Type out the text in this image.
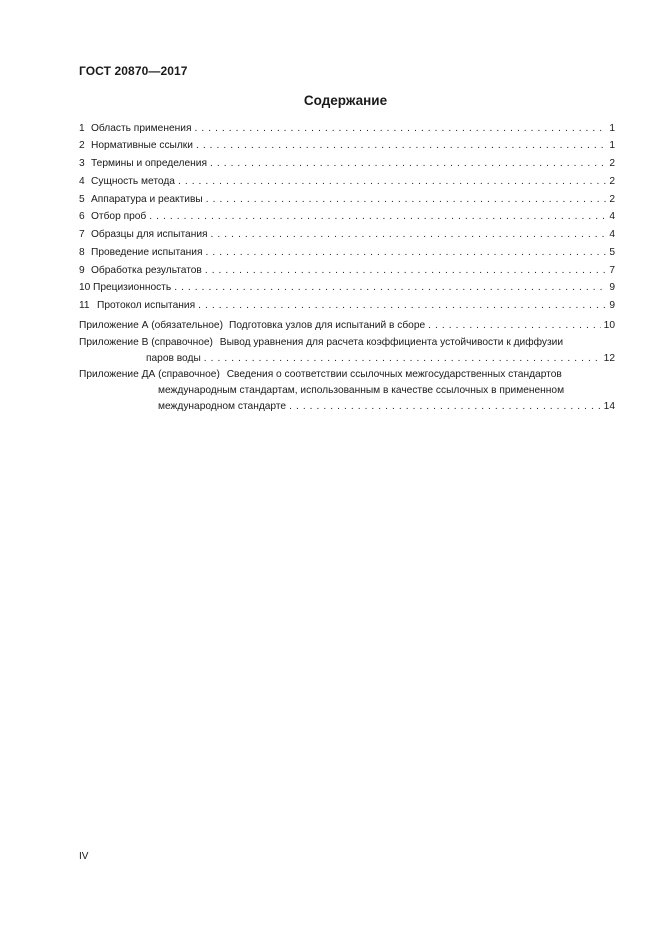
ГОСТ 20870—2017
Содержание
1 Область применения . . .	1
2 Нормативные ссылки . . .	1
3 Термины и определения . . .	2
4 Сущность метода . . .	2
5 Аппаратура и реактивы . . .	2
6 Отбор проб . . .	4
7 Образцы для испытания . . .	4
8 Проведение испытания . . .	5
9 Обработка результатов . . .	7
10 Прецизионность . . .	9
11 Протокол испытания . . .	9
Приложение А (обязательное) Подготовка узлов для испытаний в сборе . . .	10
Приложение В (справочное) Вывод уравнения для расчета коэффициента устойчивости к диффузии
паров воды . . .	12
Приложение ДА (справочное) Сведения о соответствии ссылочных межгосударственных стандартов
международным стандартам, использованным в качестве ссылочных в примененном
международном стандарте . . .	14
IV
